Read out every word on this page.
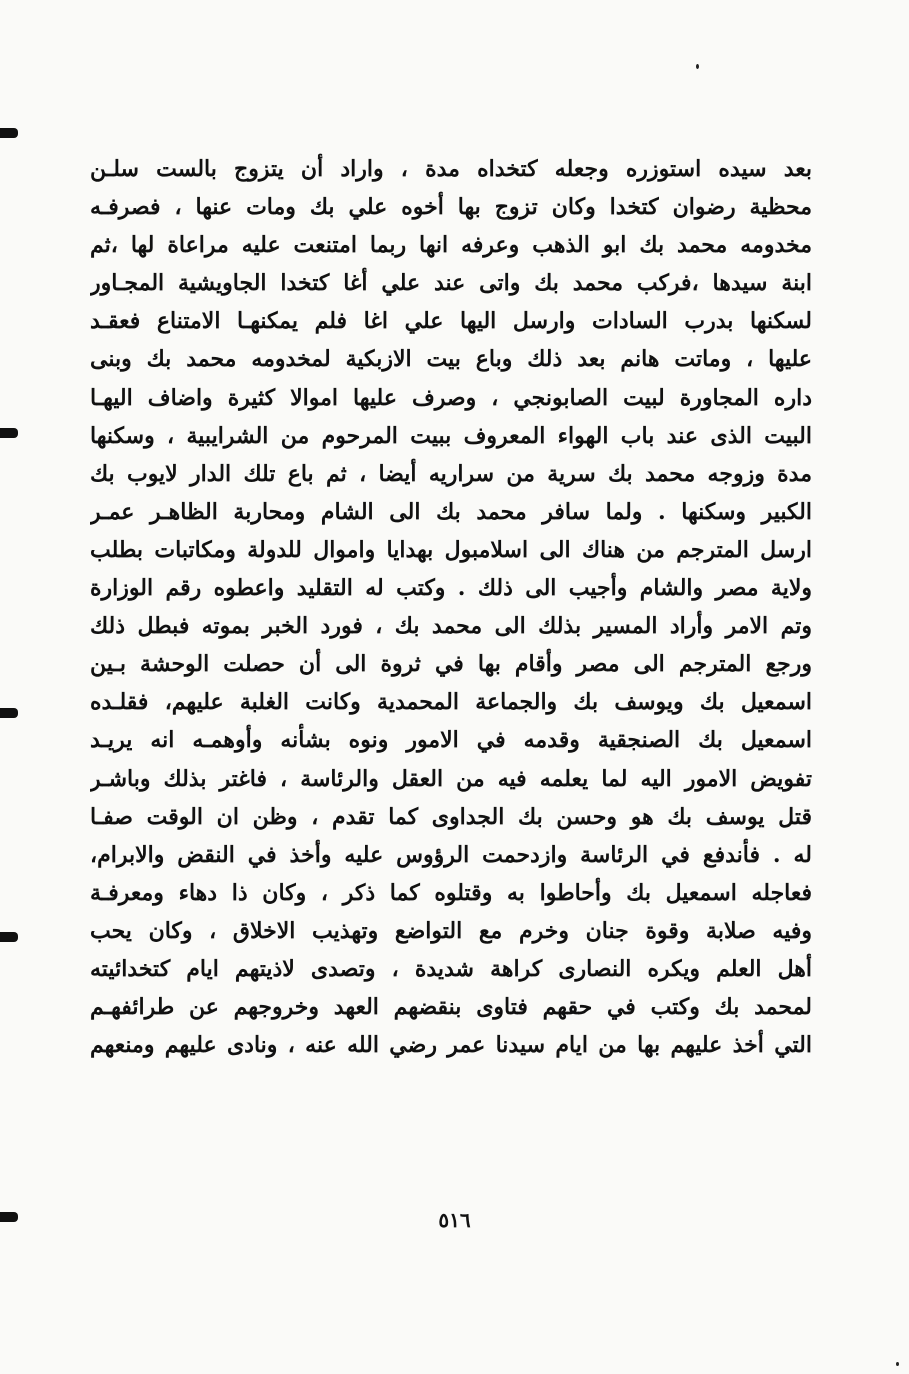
بعد سيده استوزره وجعله كتخداه مدة ، واراد أن يتزوج بالست سلـن
محظية رضوان كتخدا وكان تزوج بها أخوه علي بك ومات عنها ، فصرفـه
مخدومه محمد بك ابو الذهب وعرفه انها ربما امتنعت عليه مراعاة لها ،ثم
ابنة سيدها ،فركب محمد بك واتى عند علي أغا كتخدا الجاويشية المجـاور
لسكنها بدرب السادات وارسل اليها علي اغا فلم يمكنهـا الامتناع فعقـد
عليها ، وماتت هانم بعد ذلك وباع بيت الازبكية لمخدومه محمد بك وبنى
داره المجاورة لبيت الصابونجي ، وصرف عليها اموالا كثيرة واضاف اليهـا
البيت الذى عند باب الهواء المعروف ببيت المرحوم من الشرايبية ، وسكنها
مدة وزوجه محمد بك سرية من سراريه أيضا ، ثم باع تلك الدار لايوب بك
الكبير وسكنها . ولما سافر محمد بك الى الشام ومحاربة الظاهـر عمـر
ارسل المترجم من هناك الى اسلامبول بهدايا واموال للدولة ومكاتبات بطلب
ولاية مصر والشام وأجيب الى ذلك . وكتب له التقليد واعطوه رقم الوزارة
وتم الامر وأراد المسير بذلك الى محمد بك ، فورد الخبر بموته فبطل ذلك
ورجع المترجم الى مصر وأقام بها في ثروة الى أن حصلت الوحشة بـين
اسمعيل بك ويوسف بك والجماعة المحمدية وكانت الغلبة عليهم، فقلـده
اسمعيل بك الصنجقية وقدمه في الامور ونوه بشأنه وأوهمـه انه يريـد
تفويض الامور اليه لما يعلمه فيه من العقل والرئاسة ، فاغتر بذلك وباشـر
قتل يوسف بك هو وحسن بك الجداوى كما تقدم ، وظن ان الوقت صفـا
له . فأندفع في الرئاسة وازدحمت الرؤوس عليه وأخذ في النقض والابرام،
فعاجله اسمعيل بك وأحاطوا به وقتلوه كما ذكر ، وكان ذا دهاء ومعرفـة
وفيه صلابة وقوة جنان وخرم مع التواضع وتهذيب الاخلاق ، وكان يحب
أهل العلم ويكره النصارى كراهة شديدة ، وتصدى لاذيتهم ايام كتخدائيته
لمحمد بك وكتب في حقهم فتاوى بنقضهم العهد وخروجهم عن طرائفهـم
التي أخذ عليهم بها من ايام سيدنا عمر رضي الله عنه ، ونادى عليهم ومنعهم
٥١٦
